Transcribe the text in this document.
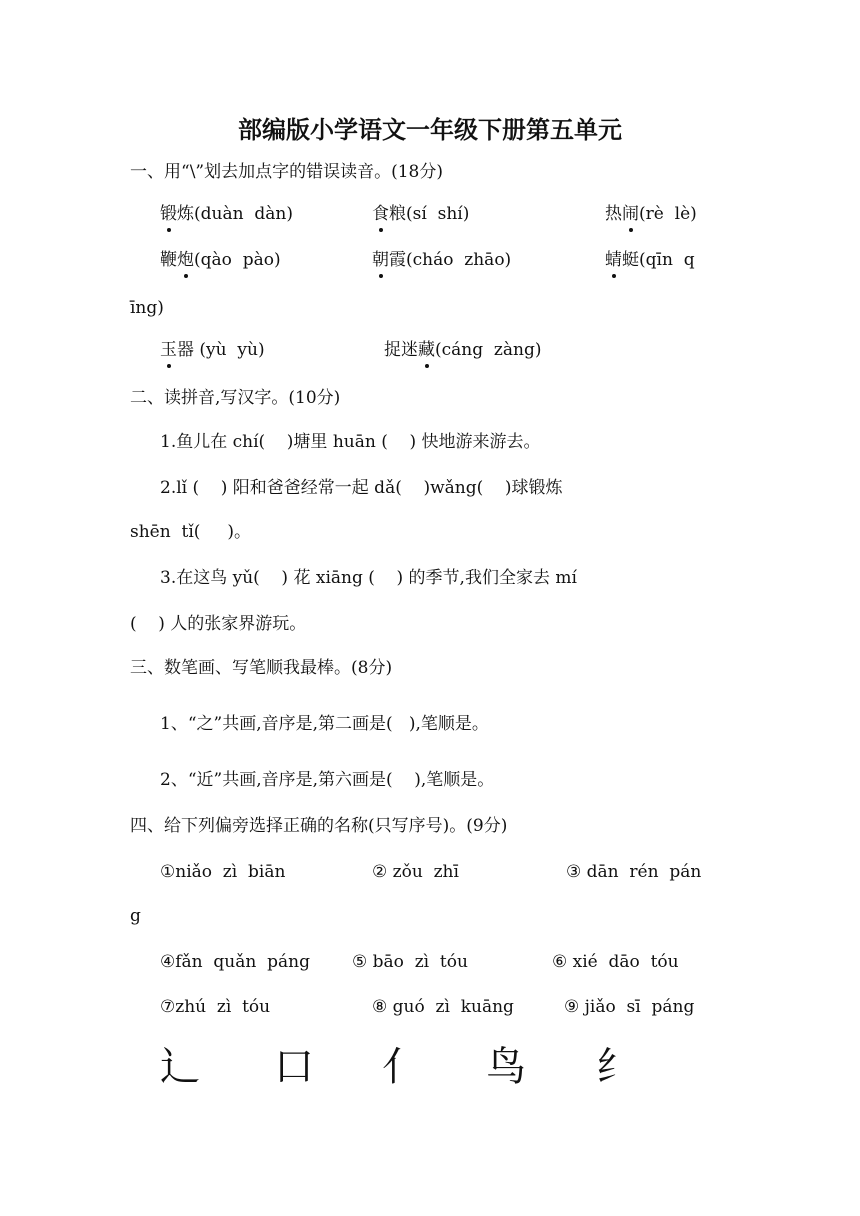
部编版小学语文一年级下册第五单元
一、用“\”划去加点字的错误读音。(18分)
锻炼(duàn  dàn)	食粮(sí  shí)	热闹(rè  lè)
鞭炮(qào  pào)	朝霞(cháo  zhāo)	蜻蜓(qīn  q
īng)
玉器 (yù  yù)	捉迷藏(cáng  zàng)
二、读拼音,写汉字。(10分)
1.鱼儿在 chí(    )塘里 huān (    ) 快地游来游去。
2.lǐ (    ) 阳和爸爸经常一起 dǎ(    )wǎng(    )球锻炼
shēn  tǐ(     )。
3.在这鸟 yǔ(    ) 花 xiāng (    ) 的季节,我们全家去 mí
(    ) 人的张家界游玩。
三、数笔画、写笔顺我最棒。(8分)
1、“之”共画,音序是,第二画是(   ),笔顺是。
2、“近”共画,音序是,第六画是(    ),笔顺是。
四、给下列偏旁选择正确的名称(只写序号)。(9分)
①niǎo  zì  biān	② zǒu  zhī	③ dān  rén  pán
g
④fǎn  quǎn  páng ⑤ bāo  zì  tóu	⑥ xié  dāo  tóu
⑦zhú  zì  tóu	⑧ guó  zì  kuāng	⑨ jiǎo  sī  páng
辶 口 亻 鸟 纟
